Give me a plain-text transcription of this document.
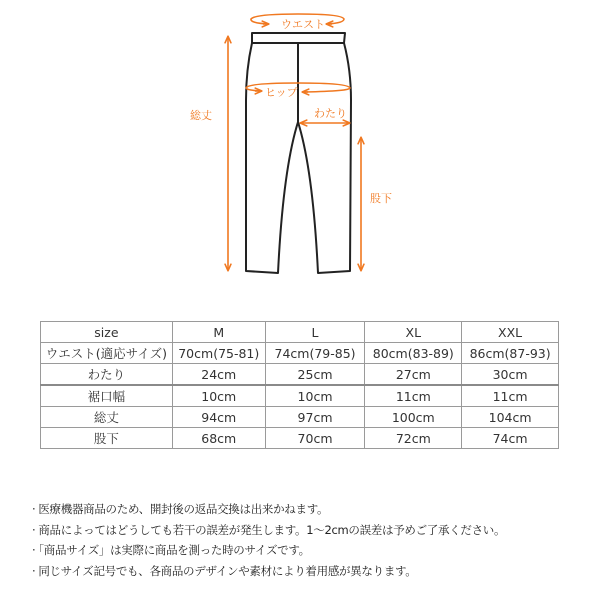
ウエスト
ヒップ
わたり
総丈
股下
size	M	L	XL	XXL
ウエスト(適応サイズ)	70cm(75-81)	74cm(79-85)	80cm(83-89)	86cm(87-93)
わたり	24cm	25cm	27cm	30cm
裾口幅	10cm	10cm	11cm	11cm
総丈	94cm	97cm	100cm	104cm
股下	68cm	70cm	72cm	74cm
· 医療機器商品のため、開封後の返品交換は出来かねます。
· 商品によってはどうしても若干の誤差が発生します。1〜2cmの誤差は予めご了承ください。
· 「商品サイズ」は実際に商品を測った時のサイズです。
· 同じサイズ記号でも、各商品のデザインや素材により着用感が異なります。
